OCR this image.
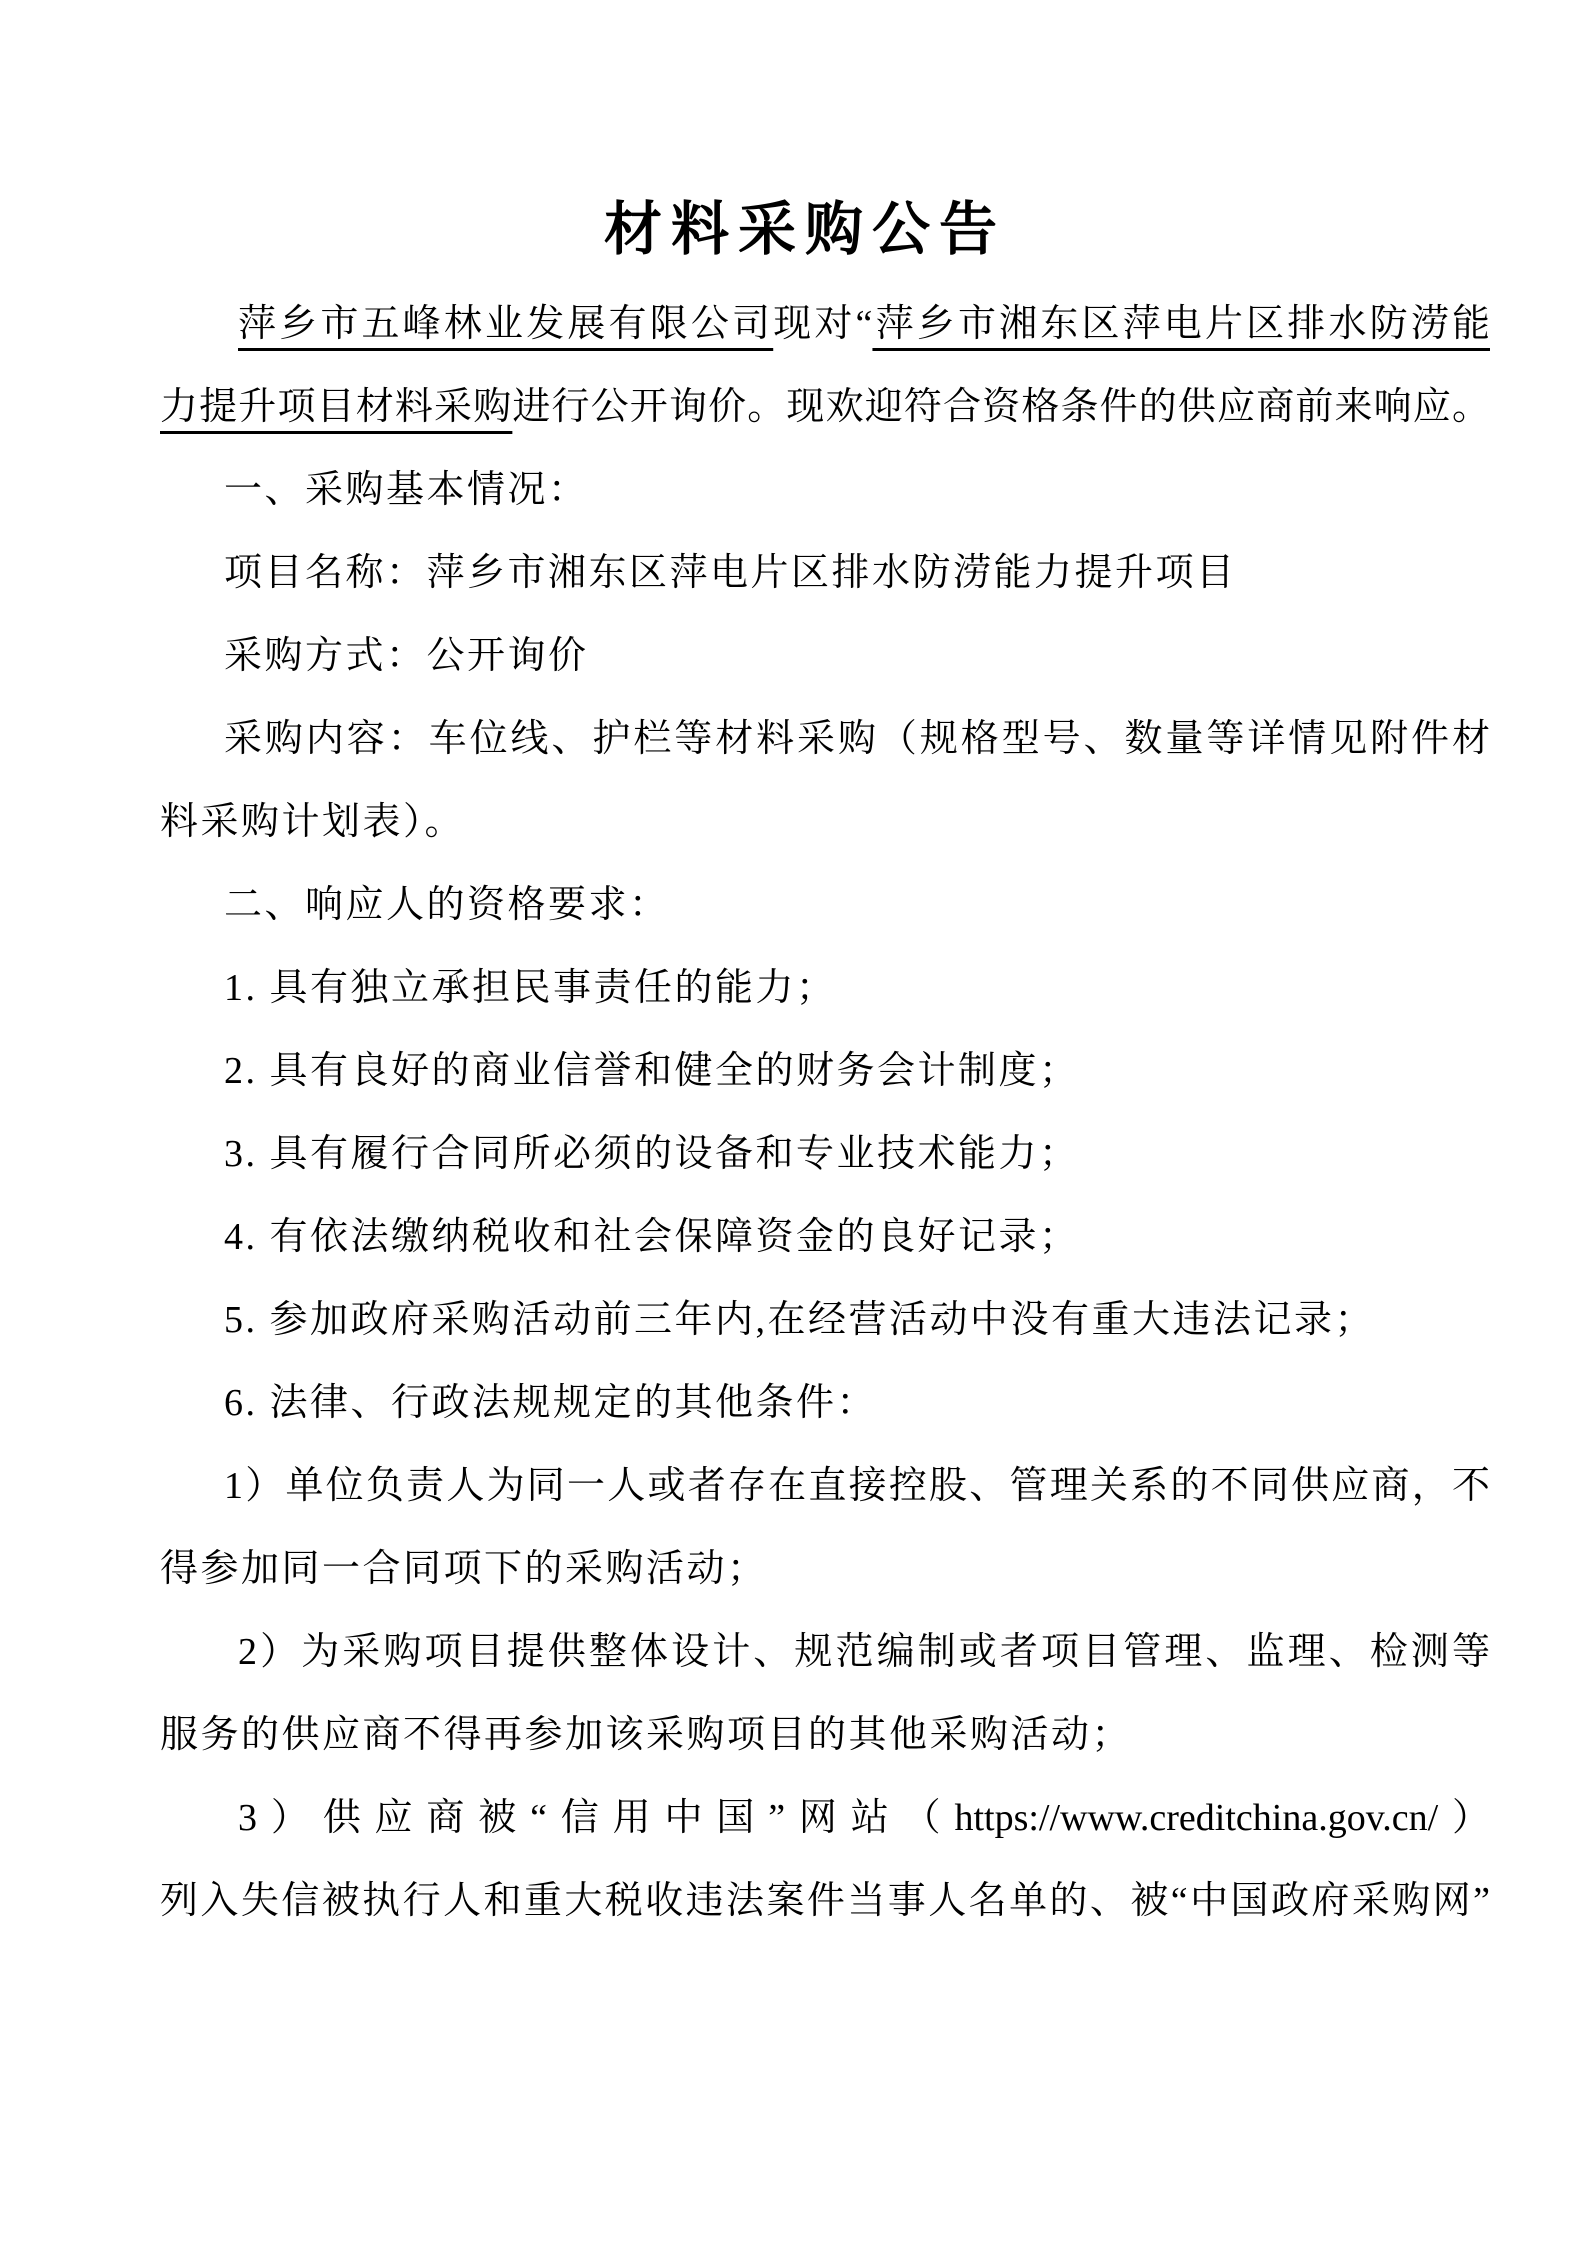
材料采购公告
萍乡市五峰林业发展有限公司现对“萍乡市湘东区萍电片区排水防涝能
力提升项目材料采购进行公开询价。现欢迎符合资格条件的供应商前来响应。
一、采购基本情况：
项目名称：萍乡市湘东区萍电片区排水防涝能力提升项目
采购方式：公开询价
采购内容：车位线、护栏等材料采购（规格型号、数量等详情见附件材
料采购计划表）。
二、响应人的资格要求：
1. 具有独立承担民事责任的能力；
2. 具有良好的商业信誉和健全的财务会计制度；
3. 具有履行合同所必须的设备和专业技术能力；
4. 有依法缴纳税收和社会保障资金的良好记录；
5. 参加政府采购活动前三年内,在经营活动中没有重大违法记录；
6. 法律、行政法规规定的其他条件：
1）单位负责人为同一人或者存在直接控股、管理关系的不同供应商，不
得参加同一合同项下的采购活动；
2）为采购项目提供整体设计、规范编制或者项目管理、监理、检测等
服务的供应商不得再参加该采购项目的其他采购活动；
3）供应商被“信用中国”网站（https://www.creditchina.gov.cn/）
列入失信被执行人和重大税收违法案件当事人名单的、被“中国政府采购网”
